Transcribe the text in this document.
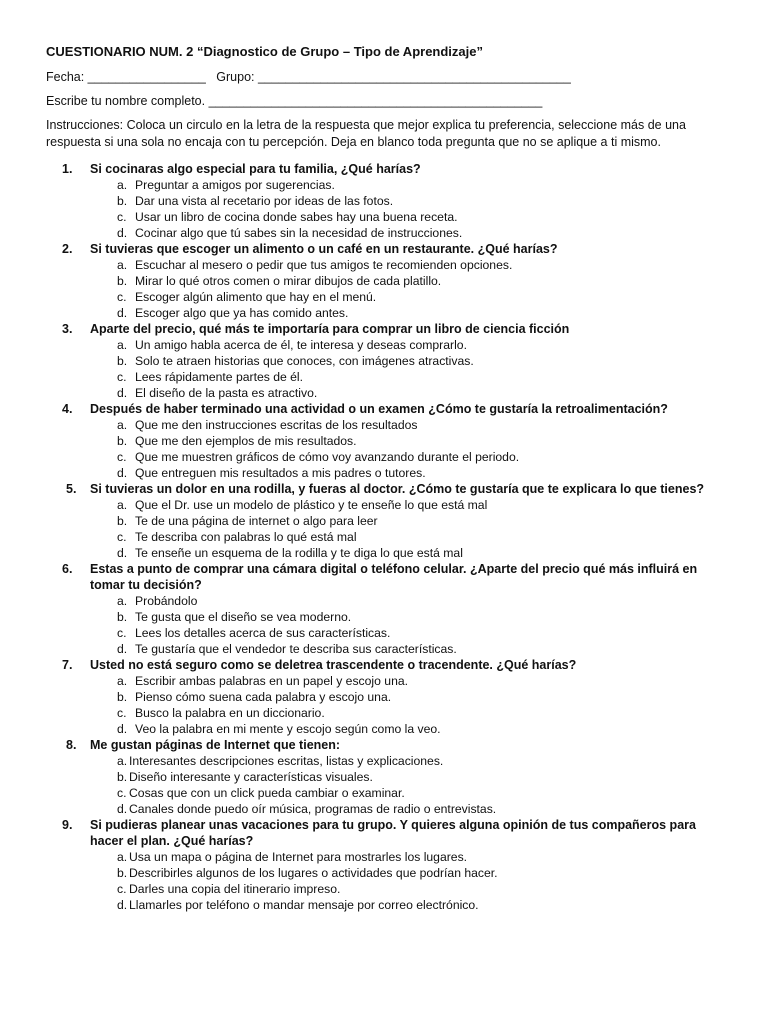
CUESTIONARIO NUM. 2 “Diagnostico de Grupo – Tipo de Aprendizaje”
Fecha: _________________   Grupo: _____________________________________________
Escribe tu nombre completo. ________________________________________________
Instrucciones: Coloca un circulo en la letra de la respuesta que mejor explica tu preferencia, seleccione más de una respuesta si una sola no encaja con tu percepción. Deja en blanco toda pregunta que no se aplique a ti mismo.
1.	Si cocinaras algo especial para tu familia, ¿Qué harías?
a. Preguntar a amigos por sugerencias.
b. Dar una vista al recetario por ideas de las fotos.
c. Usar un libro de cocina donde sabes hay una buena receta.
d. Cocinar algo que tú sabes sin la necesidad de instrucciones.
2.	Si tuvieras que escoger un alimento o un café en un restaurante. ¿Qué harías?
a. Escuchar al mesero o pedir que tus amigos te recomienden opciones.
b. Mirar lo qué otros comen o mirar dibujos de cada platillo.
c. Escoger algún alimento que hay en el menú.
d. Escoger algo que ya has comido antes.
3.	Aparte del precio, qué más te importaría para comprar un libro de ciencia ficción
a. Un amigo habla acerca de él, te interesa y deseas comprarlo.
b. Solo te atraen historias que conoces, con imágenes atractivas.
c. Lees rápidamente partes de él.
d. El diseño de la pasta es atractivo.
4.	Después de haber terminado una actividad o un examen ¿Cómo te gustaría la retroalimentación?
a. Que me den instrucciones escritas de los resultados
b. Que me den ejemplos de mis resultados.
c. Que me muestren gráficos de cómo voy avanzando durante el periodo.
d. Que entreguen mis resultados a mis padres o tutores.
5.	Si tuvieras un dolor en una rodilla, y fueras al doctor. ¿Cómo te gustaría que te explicara lo que tienes?
a. Que el Dr. use un modelo de plástico y te enseñe lo que está mal
b. Te de una página de internet o algo para leer
c. Te describa con palabras lo qué está mal
d. Te enseñe un esquema de la rodilla y te diga lo que está mal
6.	Estas a punto de comprar una cámara digital o teléfono celular. ¿Aparte del precio qué más influirá en tomar tu decisión?
a. Probándolo
b. Te gusta que el diseño se vea moderno.
c. Lees los detalles acerca de sus características.
d. Te gustaría que el vendedor te describa sus características.
7.	Usted no está seguro como se deletrea trascendente o tracendente. ¿Qué harías?
a. Escribir ambas palabras en un papel y escojo una.
b. Pienso cómo suena cada palabra y escojo una.
c. Busco la palabra en un diccionario.
d. Veo la palabra en mi mente y escojo según como la veo.
8.	Me gustan páginas de Internet que tienen:
a. Interesantes descripciones escritas, listas y explicaciones.
b. Diseño interesante y características visuales.
c. Cosas que con un click pueda cambiar o examinar.
d. Canales donde puedo oír música, programas de radio o entrevistas.
9.	Si pudieras planear unas vacaciones para tu grupo. Y quieres alguna opinión de tus compañeros para hacer el plan. ¿Qué harías?
a. Usa un mapa o página de Internet para mostrarles los lugares.
b. Describirles algunos de los lugares o actividades que podrían hacer.
c. Darles una copia del itinerario impreso.
d. Llamarles por teléfono o mandar mensaje por correo electrónico.
